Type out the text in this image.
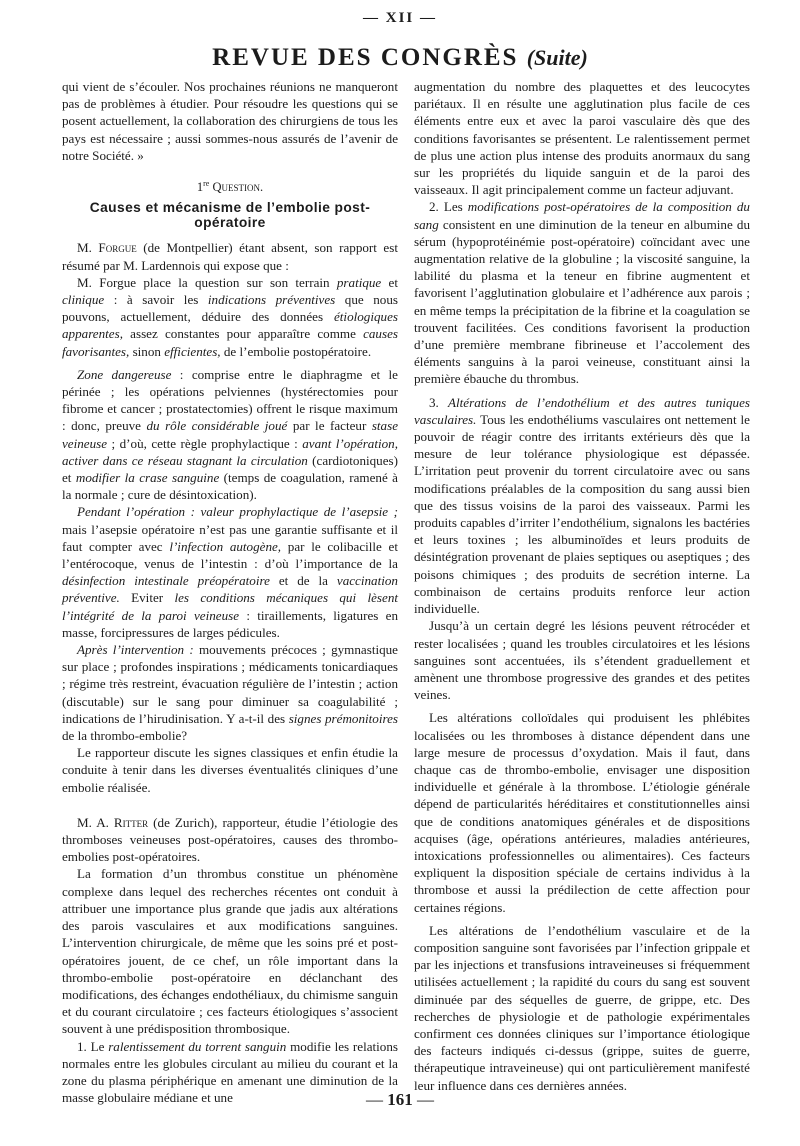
— XII —
REVUE DES CONGRÈS (Suite)

qui vient de s’écouler. Nos prochaines réunions ne manqueront pas de problèmes à étudier. Pour résoudre les questions qui se posent actuellement, la collaboration des chirurgiens de tous les pays est nécessaire ; aussi sommes-nous assurés de l’avenir de notre Société. »

1re Question.
Causes et mécanisme de l’embolie post-opératoire

M. Forgue (de Montpellier) étant absent, son rapport est résumé par M. Lardennois qui expose que :

M. Forgue place la question sur son terrain pratique et clinique : à savoir les indications préventives que nous pouvons, actuellement, déduire des données étiologiques apparentes, assez constantes pour apparaître comme causes favorisantes, sinon efficientes, de l’embolie postopératoire.

Zone dangereuse : comprise entre le diaphragme et le périnée ; les opérations pelviennes (hystérectomies pour fibrome et cancer ; prostatectomies) offrent le risque maximum : donc, preuve du rôle considérable joué par le facteur stase veineuse ; d’où, cette règle prophylactique : avant l’opération, activer dans ce réseau stagnant la circulation (cardiotoniques) et modifier la crase sanguine (temps de coagulation, ramené à la normale ; cure de désintoxication).

Pendant l’opération : valeur prophylactique de l’asepsie ; mais l’asepsie opératoire n’est pas une garantie suffisante et il faut compter avec l’infection autogène, par le colibacille et l’entérocoque, venus de l’intestin : d’où l’importance de la désinfection intestinale préopératoire et de la vaccination préventive. Eviter les conditions mécaniques qui lèsent l’intégrité de la paroi veineuse : tiraillements, ligatures en masse, forcipressures de larges pédicules.

Après l’intervention : mouvements précoces ; gymnastique sur place ; profondes inspirations ; médicaments tonicardiaques ; régime très restreint, évacuation régulière de l’intestin ; action (discutable) sur le sang pour diminuer sa coagulabilité ; indications de l’hirudinisation. Y a-t-il des signes prémonitoires de la thrombo-embolie?

Le rapporteur discute les signes classiques et enfin étudie la conduite à tenir dans les diverses éventualités cliniques d’une embolie réalisée.

M. A. Ritter (de Zurich), rapporteur, étudie l’étiologie des thromboses veineuses post-opératoires, causes des thrombo-embolies post-opératoires.

La formation d’un thrombus constitue un phénomène complexe dans lequel des recherches récentes ont conduit à attribuer une importance plus grande que jadis aux altérations des parois vasculaires et aux modifications sanguines. L’intervention chirurgicale, de même que les soins pré et post-opératoires jouent, de ce chef, un rôle important dans la thrombo-embolie post-opératoire en déclanchant des modifications, des échanges endothéliaux, du chimisme sanguin et du courant circulatoire ; ces facteurs étiologiques s’associent souvent à une prédisposition thrombosique.

1. Le ralentissement du torrent sanguin modifie les relations normales entre les globules circulant au milieu du courant et la zone du plasma périphérique en amenant une diminution de la masse globulaire médiane et une

augmentation du nombre des plaquettes et des leucocytes pariétaux. Il en résulte une agglutination plus facile de ces éléments entre eux et avec la paroi vasculaire dès que des conditions favorisantes se présentent. Le ralentissement permet de plus une action plus intense des produits anormaux du sang sur les propriétés du liquide sanguin et de la paroi des vaisseaux. Il agit principalement comme un facteur adjuvant.

2. Les modifications post-opératoires de la composition du sang consistent en une diminution de la teneur en albumine du sérum (hypoprotéinémie post-opératoire) coïncidant avec une augmentation relative de la globuline ; la viscosité sanguine, la labilité du plasma et la teneur en fibrine augmentent et favorisent l’agglutination globulaire et l’adhérence aux parois ; en même temps la précipitation de la fibrine et la coagulation se trouvent facilitées. Ces conditions favorisent la production d’une première membrane fibrineuse et l’accolement des éléments sanguins à la paroi veineuse, constituant ainsi la première ébauche du thrombus.

3. Altérations de l’endothélium et des autres tuniques vasculaires. Tous les endothéliums vasculaires ont nettement le pouvoir de réagir contre des irritants extérieurs dès que la mesure de leur tolérance physiologique est dépassée. L’irritation peut provenir du torrent circulatoire avec ou sans modifications préalables de la composition du sang aussi bien que des tissus voisins de la paroi des vaisseaux. Parmi les produits capables d’irriter l’endothélium, signalons les bactéries et leurs toxines ; les albuminoïdes et leurs produits de désintégration provenant de plaies septiques ou aseptiques ; des poisons chimiques ; des produits de secrétion interne. La combinaison de certains produits renforce leur action individuelle.

Jusqu’à un certain degré les lésions peuvent rétrocéder et rester localisées ; quand les troubles circulatoires et les lésions sanguines sont accentuées, ils s’étendent graduellement et amènent une thrombose progressive des grandes et des petites veines.

Les altérations colloïdales qui produisent les phlébites localisées ou les thromboses à distance dépendent dans une large mesure de processus d’oxydation. Mais il faut, dans chaque cas de thrombo-embolie, envisager une disposition individuelle et générale à la thrombose. L’étiologie générale dépend de particularités héréditaires et constitutionnelles ainsi que de conditions anatomiques générales et de dispositions acquises (âge, opérations antérieures, maladies antérieures, intoxications professionnelles ou alimentaires). Ces facteurs expliquent la disposition spéciale de certains individus à la thrombose et aussi la prédilection de cette affection pour certaines régions.

Les altérations de l’endothélium vasculaire et de la composition sanguine sont favorisées par l’infection grippale et par les injections et transfusions intraveineuses si fréquemment utilisées actuellement ; la rapidité du cours du sang est souvent diminuée par des séquelles de guerre, de grippe, etc. Des recherches de physiologie et de pathologie expérimentales confirment ces données cliniques sur l’importance étiologique des facteurs indiqués ci-dessus (grippe, suites de guerre, thérapeutique intraveineuse) qui ont particulièrement manifesté leur influence dans ces dernières années.

— 161 —
